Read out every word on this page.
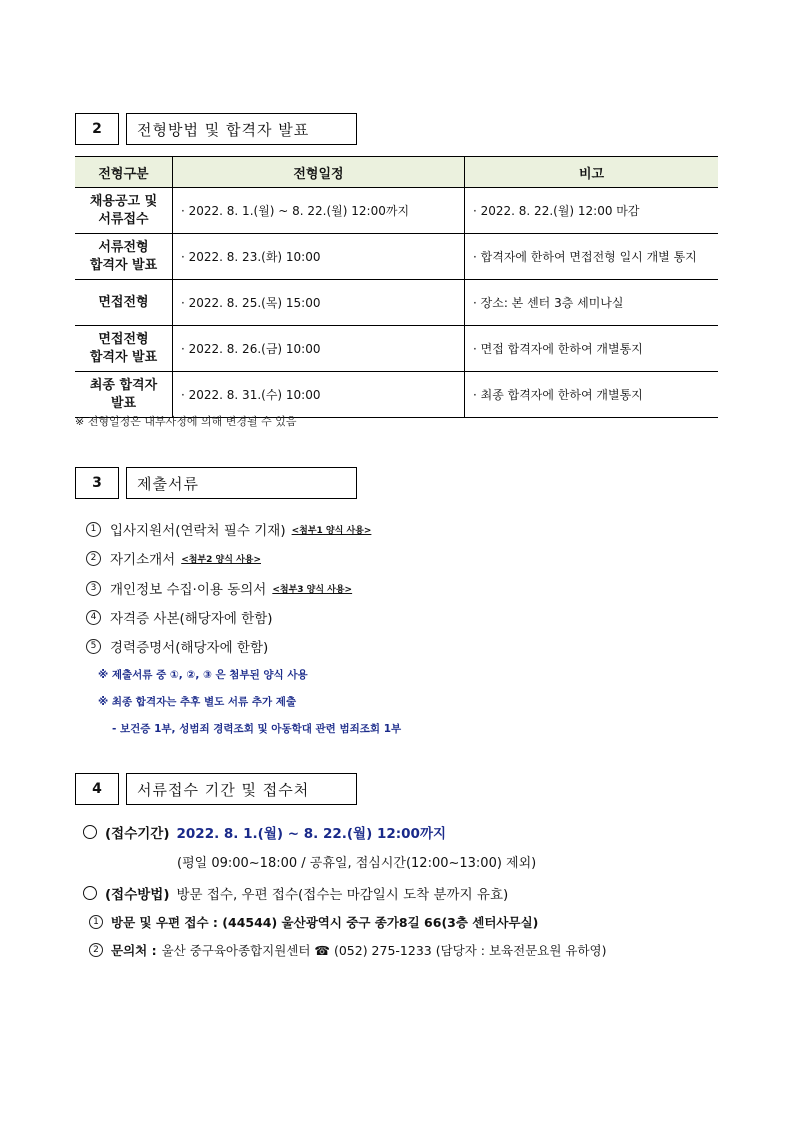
2	전형방법 및 합격자 발표
전형구분	전형일정	비고

채용공고 및
서류접수	· 2022. 8. 1.(월) ~ 8. 22.(월) 12:00까지	· 2022. 8. 22.(월) 12:00 마감

서류전형
합격자 발표	· 2022. 8. 23.(화) 10:00	· 합격자에 한하여 면접전형 일시 개별 통지

면접전형	· 2022. 8. 25.(목) 15:00	· 장소: 본 센터 3층 세미나실

면접전형
합격자 발표	· 2022. 8. 26.(금) 10:00	· 면접 합격자에 한하여 개별통지

최종 합격자
발표	· 2022. 8. 31.(수) 10:00	· 최종 합격자에 한하여 개별통지
※ 전형일정은 내부사정에 의해 변경될 수 있음
3	제출서류
1	입사지원서(연락처 필수 기재) <첨부1 양식 사용>
2	자기소개서 <첨부2 양식 사용>
3	개인정보 수집·이용 동의서 <첨부3 양식 사용>
4	자격증 사본(해당자에 한함)
5	경력증명서(해당자에 한함)
※ 제출서류 중 ①, ②, ③ 은 첨부된 양식 사용
※ 최종 합격자는 추후 별도 서류 추가 제출
- 보건증 1부, 성범죄 경력조회 및 아동학대 관련 범죄조회 1부
4	서류접수 기간 및 접수처
(접수기간) 2022. 8. 1.(월) ~ 8. 22.(월) 12:00까지
(평일 09:00~18:00 / 공휴일, 점심시간(12:00~13:00) 제외)
(접수방법) 방문 접수, 우편 접수(접수는 마감일시 도착 분까지 유효)
1 방문 및 우편 접수 : (44544) 울산광역시 중구 종가8길 66(3층 센터사무실)
2 문의처 : 울산 중구육아종합지원센터 ☎ (052) 275-1233 (담당자 : 보육전문요원 유하영)
